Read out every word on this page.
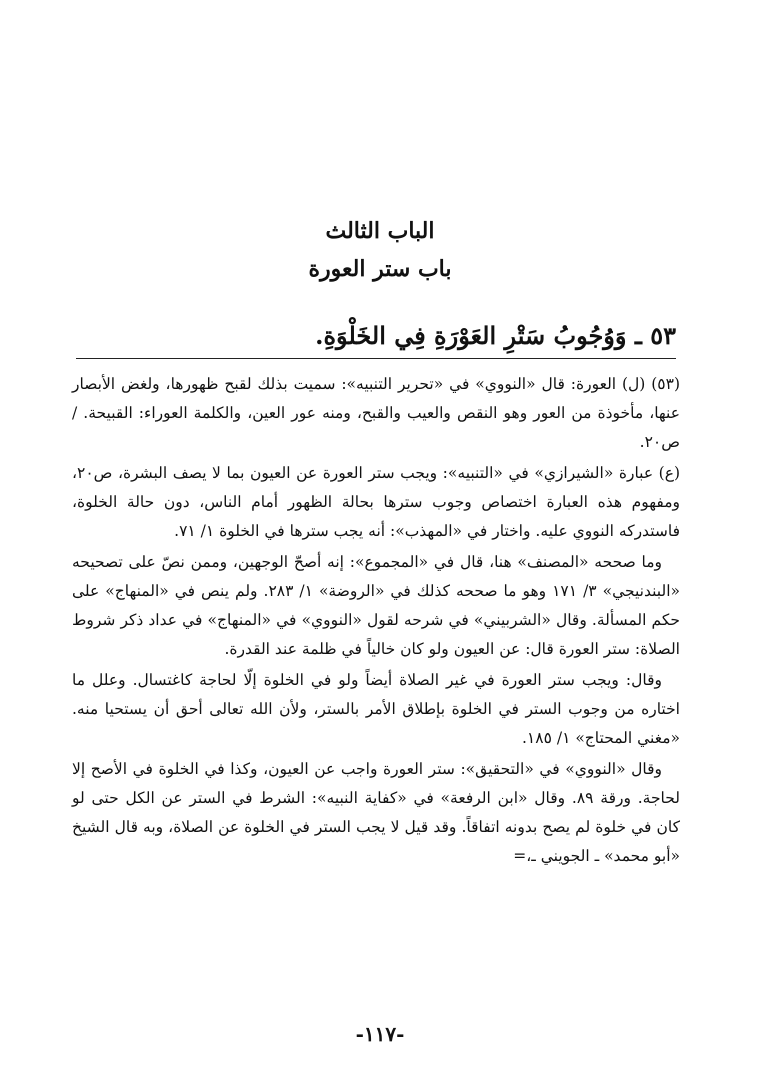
الباب الثالث
باب ستر العورة
٥٣ ـ وَوُجُوبُ سَتْرِ العَوْرَةِ فِي الخَلْوَةِ.

(٥٣) (ل) العورة: قال «النووي» في «تحرير التنبيه»: سميت بذلك لقبح ظهورها، ولغض الأبصار عنها، مأخوذة من العور وهو النقص والعيب والقبح، ومنه عور العين، والكلمة العوراء: القبيحة. /ص٢٠.

(ع) عبارة «الشيرازي» في «التنبيه»: ويجب ستر العورة عن العيون بما لا يصف البشرة، ص٢٠، ومفهوم هذه العبارة اختصاص وجوب سترها بحالة الظهور أمام الناس، دون حالة الخلوة، فاستدركه النووي عليه. واختار في «المهذب»: أنه يجب سترها في الخلوة ١/ ٧١.

وما صححه «المصنف» هنا، قال في «المجموع»: إنه أصحّ الوجهين، وممن نصّ على تصحيحه «البندنيجي» ٣/ ١٧١ وهو ما صححه كذلك في «الروضة» ١/ ٢٨٣. ولم ينص في «المنهاج» على حكم المسألة. وقال «الشربيني» في شرحه لقول «النووي» في «المنهاج» في عداد ذكر شروط الصلاة: ستر العورة قال: عن العيون ولو كان خالياً في ظلمة عند القدرة.

وقال: ويجب ستر العورة في غير الصلاة أيضاً ولو في الخلوة إلّا لحاجة كاغتسال. وعلل ما اختاره من وجوب الستر في الخلوة بإطلاق الأمر بالستر، ولأن الله تعالى أحق أن يستحيا منه. «مغني المحتاج» ١/ ١٨٥.

وقال «النووي» في «التحقيق»: ستر العورة واجب عن العيون، وكذا في الخلوة في الأصح إلا لحاجة. ورقة ٨٩. وقال «ابن الرفعة» في «كفاية النبيه»: الشرط في الستر عن الكل حتى لو كان في خلوة لم يصح بدونه اتفاقاً. وقد قيل لا يجب الستر في الخلوة عن الصلاة، وبه قال الشيخ «أبو محمد» ـ الجويني ـ،=

-١١٧-
